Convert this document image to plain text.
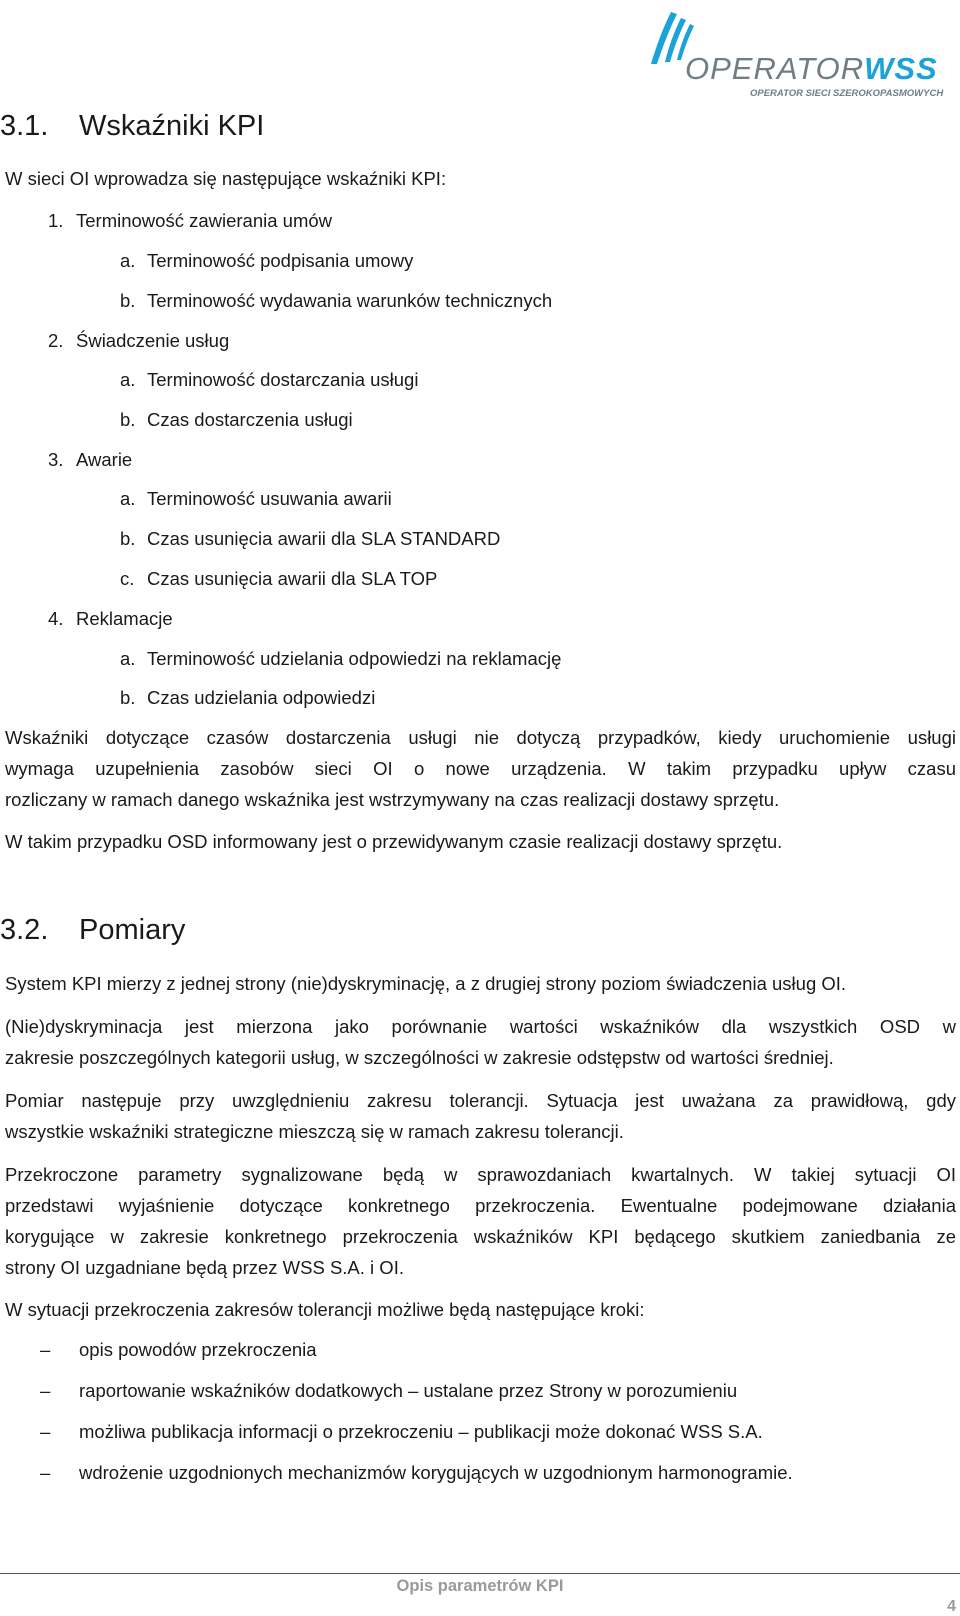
OPERATORWSS
OPERATOR SIECI SZEROKOPASMOWYCH
3.1. Wskaźniki KPI
W sieci OI wprowadza się następujące wskaźniki KPI:
1. Terminowość zawierania umów
a. Terminowość podpisania umowy
b. Terminowość wydawania warunków technicznych
2. Świadczenie usług
a. Terminowość dostarczania usługi
b. Czas dostarczenia usługi
3. Awarie
a. Terminowość usuwania awarii
b. Czas usunięcia awarii dla SLA STANDARD
c. Czas usunięcia awarii dla SLA TOP
4. Reklamacje
a. Terminowość udzielania odpowiedzi na reklamację
b. Czas udzielania odpowiedzi
Wskaźniki dotyczące czasów dostarczenia usługi nie dotyczą przypadków, kiedy uruchomienie usługi
wymaga uzupełnienia zasobów sieci OI o nowe urządzenia. W takim przypadku upływ czasu
rozliczany w ramach danego wskaźnika jest wstrzymywany na czas realizacji dostawy sprzętu.
W takim przypadku OSD informowany jest o przewidywanym czasie realizacji dostawy sprzętu.
3.2. Pomiary
System KPI mierzy z jednej strony (nie)dyskryminację, a z drugiej strony poziom świadczenia usług OI.
(Nie)dyskryminacja jest mierzona jako porównanie wartości wskaźników dla wszystkich OSD w
zakresie poszczególnych kategorii usług, w szczególności w zakresie odstępstw od wartości średniej.
Pomiar następuje przy uwzględnieniu zakresu tolerancji. Sytuacja jest uważana za prawidłową, gdy
wszystkie wskaźniki strategiczne mieszczą się w ramach zakresu tolerancji.
Przekroczone parametry sygnalizowane będą w sprawozdaniach kwartalnych. W takiej sytuacji OI
przedstawi wyjaśnienie dotyczące konkretnego przekroczenia. Ewentualne podejmowane działania
korygujące w zakresie konkretnego przekroczenia wskaźników KPI będącego skutkiem zaniedbania ze
strony OI uzgadniane będą przez WSS S.A. i OI.
W sytuacji przekroczenia zakresów tolerancji możliwe będą następujące kroki:
– opis powodów przekroczenia
– raportowanie wskaźników dodatkowych – ustalane przez Strony w porozumieniu
– możliwa publikacja informacji o przekroczeniu – publikacji może dokonać WSS S.A.
– wdrożenie uzgodnionych mechanizmów korygujących w uzgodnionym harmonogramie.
Opis parametrów KPI
4
